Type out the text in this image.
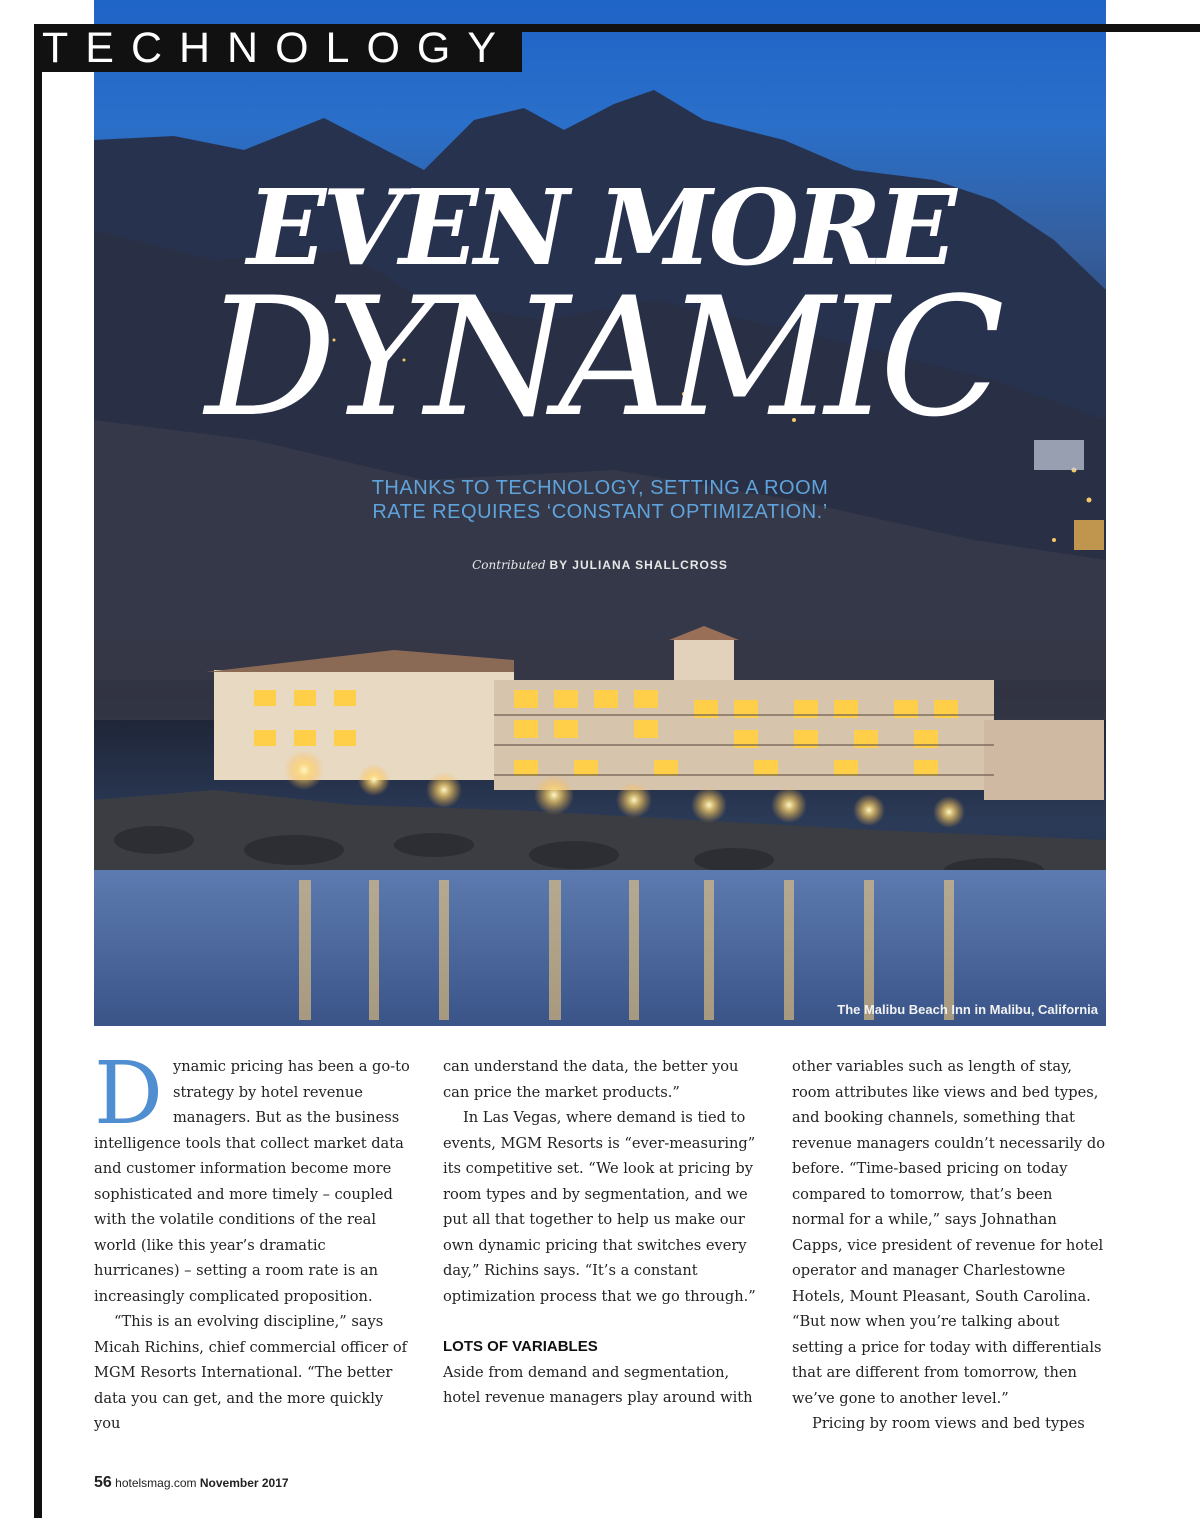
TECHNOLOGY
EVEN MORE
DYNAMIC
THANKS TO TECHNOLOGY, SETTING A ROOM
RATE REQUIRES ‘CONSTANT OPTIMIZATION.’
Contributed BY JULIANA SHALLCROSS
The Malibu Beach Inn in Malibu, California
D ynamic pricing has been a go-to strategy by hotel revenue managers. But as the business intelligence tools that collect market data and customer information become more sophisticated and more timely – coupled with the volatile conditions of the real world (like this year’s dramatic hurricanes) – setting a room rate is an increasingly complicated proposition.

“This is an evolving discipline,” says Micah Richins, chief commercial officer of MGM Resorts International. “The better data you can get, and the more quickly you

can understand the data, the better you can price the market products.”

In Las Vegas, where demand is tied to events, MGM Resorts is “ever-measuring” its competitive set. “We look at pricing by room types and by segmentation, and we put all that together to help us make our own dynamic pricing that switches every day,” Richins says. “It’s a constant optimization process that we go through.”

LOTS OF VARIABLES

Aside from demand and segmentation, hotel revenue managers play around with

other variables such as length of stay, room attributes like views and bed types, and booking channels, something that revenue managers couldn’t necessarily do before. “Time-based pricing on today compared to tomorrow, that’s been normal for a while,” says Johnathan Capps, vice president of revenue for hotel operator and manager Charlestowne Hotels, Mount Pleasant, South Carolina. “But now when you’re talking about setting a price for today with differentials that are different from tomorrow, then we’ve gone to another level.”

Pricing by room views and bed types

56 hotelsmag.com November 2017
